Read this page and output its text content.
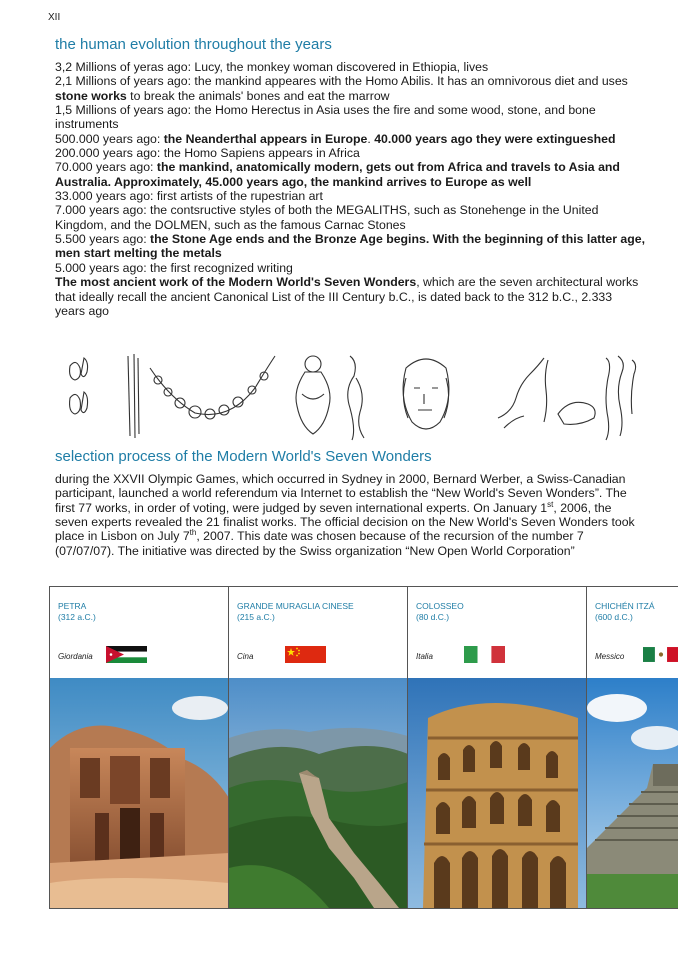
XII
the human evolution throughout the years

3,2 Millions of yeras ago: Lucy, the monkey woman discovered in Ethiopia, lives

2,1 Millions of years ago: the mankind appeares with the Homo Abilis. It has an omnivorous diet and uses stone works to break the animals' bones and eat the marrow

1,5 Millions of years ago: the Homo Herectus in Asia uses the fire and some wood, stone, and bone instruments

500.000 years ago: the Neanderthal appears in Europe. 40.000 years ago they were extingueshed

200.000 years ago: the Homo Sapiens appears in Africa

70.000 years ago: the mankind, anatomically modern, gets out from Africa and travels to Asia and Australia. Approximately, 45.000 years ago, the mankind arrives to Europe as well

33.000 years ago: first artists of the rupestrian art

7.000 years ago: the contsructive styles of both the MEGALITHS, such as Stonehenge in the United Kingdom, and the DOLMEN, such as the famous Carnac Stones

5.500 years ago: the Stone Age ends and the Bronze Age begins. With the beginning of this latter age, men start melting the metals

5.000 years ago: the first recognized writing

The most ancient work of the Modern World's Seven Wonders, which are the seven architectural works that ideally recall the ancient Canonical List of the III Century b.C., is dated back to the 312 b.C., 2.333 years ago

selection process of the Modern World's Seven Wonders

during the XXVII Olympic Games, which occurred in Sydney in 2000, Bernard Werber, a Swiss-Canadian participant, launched a world referendum via Internet to establish the “New World's Seven Wonders”. The first 77 works, in order of voting, were judged by seven international experts. On January 1st, 2006, the seven experts revealed the 21 finalist works. The official decision on the New World's Seven Wonders took place in Lisbon on July 7th, 2007. This date was chosen because of the recursion of the number 7 (07/07/07). The initiative was directed by the Swiss organization “New Open World Corporation”

PETRA
(312 a.C.)
Giordania
GRANDE MURAGLIA CINESE
(215 a.C.)
Cina
COLOSSEO
(80 d.C.)
Italia
CHICHÉN ITZÁ
(600 d.C.)
Messico
